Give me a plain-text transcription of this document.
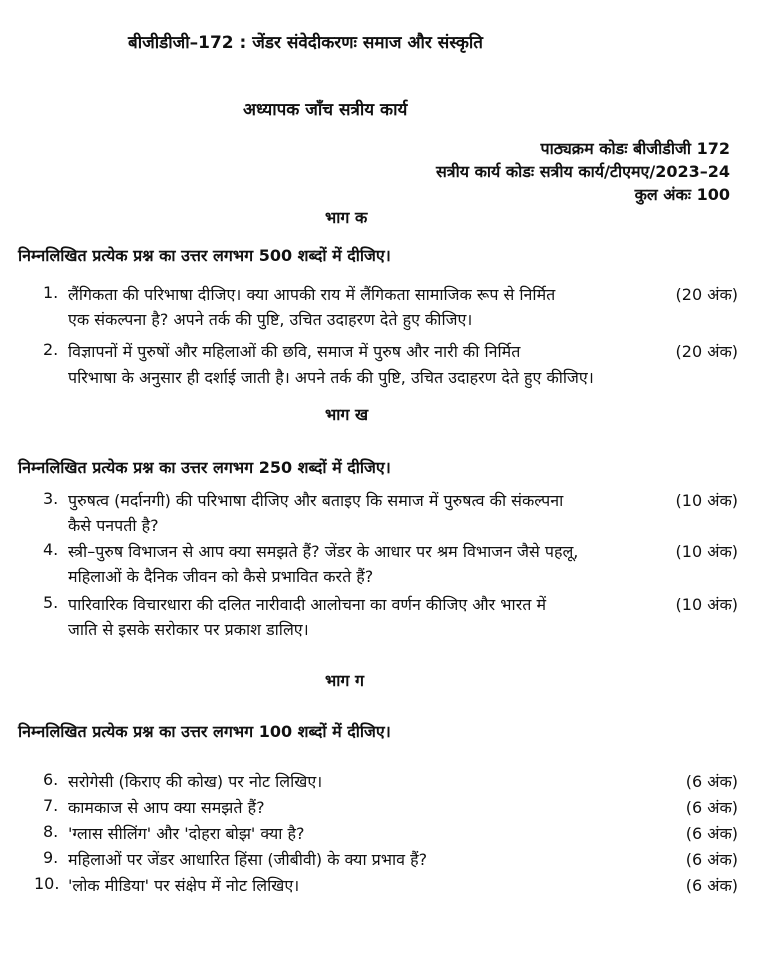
बीजीडीजी–172 : जेंडर संवेदीकरणः समाज और संस्कृति
अध्यापक जाँच सत्रीय कार्य
पाठ्यक्रम कोडः बीजीडीजी 172
सत्रीय कार्य कोडः सत्रीय कार्य/टीएमए/2023–24
कुल अंकः 100
भाग क
निम्नलिखित प्रत्येक प्रश्न का उत्तर लगभग 500 शब्दों में दीजिए।
1. लैंगिकता की परिभाषा दीजिए। क्या आपकी राय में लैंगिकता सामाजिक रूप से निर्मित
एक संकल्पना है? अपने तर्क की पुष्टि, उचित उदाहरण देते हुए कीजिए।
(20 अंक)
2. विज्ञापनों में पुरुषों और महिलाओं की छवि, समाज में पुरुष और नारी की निर्मित
परिभाषा के अनुसार ही दर्शाई जाती है। अपने तर्क की पुष्टि, उचित उदाहरण देते हुए कीजिए।
(20 अंक)
भाग ख
निम्नलिखित प्रत्येक प्रश्न का उत्तर लगभग 250 शब्दों में दीजिए।
3. पुरुषत्व (मर्दानगी) की परिभाषा दीजिए और बताइए कि समाज में पुरुषत्व की संकल्पना
कैसे पनपती है?
(10 अंक)
4. स्त्री–पुरुष विभाजन से आप क्या समझते हैं? जेंडर के आधार पर श्रम विभाजन जैसे पहलू,
महिलाओं के दैनिक जीवन को कैसे प्रभावित करते हैं?
(10 अंक)
5. पारिवारिक विचारधारा की दलित नारीवादी आलोचना का वर्णन कीजिए और भारत में
जाति से इसके सरोकार पर प्रकाश डालिए।
(10 अंक)
भाग ग
निम्नलिखित प्रत्येक प्रश्न का उत्तर लगभग 100 शब्दों में दीजिए।
6. सरोगेसी (किराए की कोख) पर नोट लिखिए।	(6 अंक)
7. कामकाज से आप क्या समझते हैं?	(6 अंक)
8. 'ग्लास सीलिंग' और 'दोहरा बोझ' क्या है?	(6 अंक)
9. महिलाओं पर जेंडर आधारित हिंसा (जीबीवी) के क्या प्रभाव हैं?	(6 अंक)
10. 'लोक मीडिया' पर संक्षेप में नोट लिखिए।	(6 अंक)
